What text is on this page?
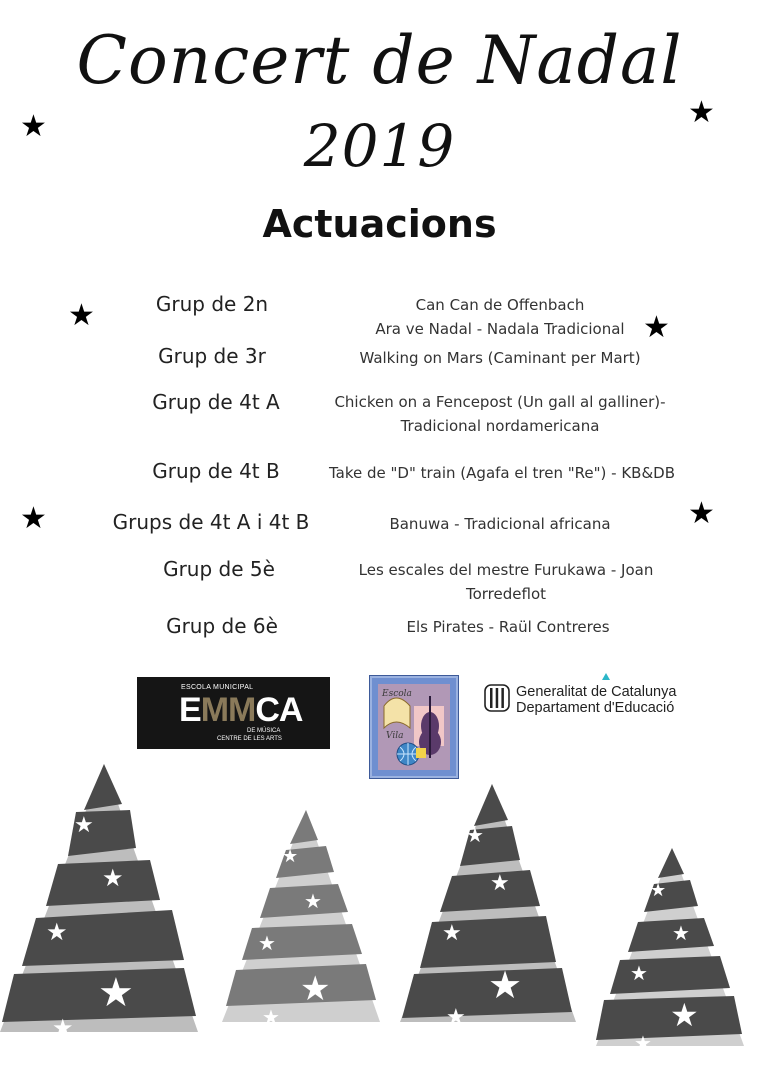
Concert de Nadal
2019
Actuacions
★	★
★	★
★	★
Grup de 2n	Can Can de Offenbach
Ara ve Nadal - Nadala Tradicional
Grup de 3r	Walking on Mars (Caminant per Mart)
Grup de 4t A	Chicken on a Fencepost (Un gall al galliner)-
Tradicional nordamericana
Grup de 4t B	Take de "D" train (Agafa el tren "Re") - KB&DB
Grups de 4t A i 4t B	Banuwa - Tradicional africana
Grup de 5è	Les escales del mestre Furukawa - Joan
Torredeflot
Grup de 6è	Els Pirates - Raül Contreres
ESCOLA MUNICIPAL
EMMCA
DE MÚSICA
CENTRE DE LES ARTS
Escola
Vila
Generalitat de Catalunya
Departament d'Educació
★
★
★
★
★
★
★
★
★
★
★
★
★
★
★
★
★
★
★
★
